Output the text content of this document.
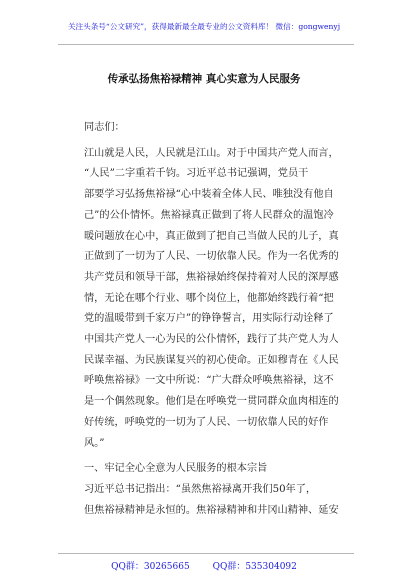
关注头条号“公文研究”，获得最新最全最专业的公文资料库！ 微信：gongwenyj
传承弘扬焦裕禄精神 真心实意为人民服务

同志们：

江山就是人民，人民就是江山。对于中国共产党人而言，

“人民”二字重若千钧。习近平总书记强调，党员干

部要学习弘扬焦裕禄“心中装着全体人民、唯独没有他自

己”的公仆情怀。焦裕禄真正做到了将人民群众的温饱冷

暖问题放在心中，真正做到了把自己当做人民的儿子，真

正做到了一切为了人民、一切依靠人民。作为一名优秀的

共产党员和领导干部，焦裕禄始终保持着对人民的深厚感

情，无论在哪个行业、哪个岗位上，他都始终践行着“把

党的温暖带到千家万户”的铮铮誓言，用实际行动诠释了

中国共产党人一心为民的公仆情怀，践行了共产党人为人

民谋幸福、为民族谋复兴的初心使命。正如穆青在《人民

呼唤焦裕禄》一文中所说：“广大群众呼唤焦裕禄，这不

是一个偶然现象。他们是在呼唤党一贯同群众血肉相连的

好传统，呼唤党的一切为了人民、一切依靠人民的好作

风。”

一、牢记全心全意为人民服务的根本宗旨

习近平总书记指出：“虽然焦裕禄离开我们50年了，

但焦裕禄精神是永恒的。焦裕禄精神和井冈山精神、延安

QQ群：30265665        QQ群：535304092
